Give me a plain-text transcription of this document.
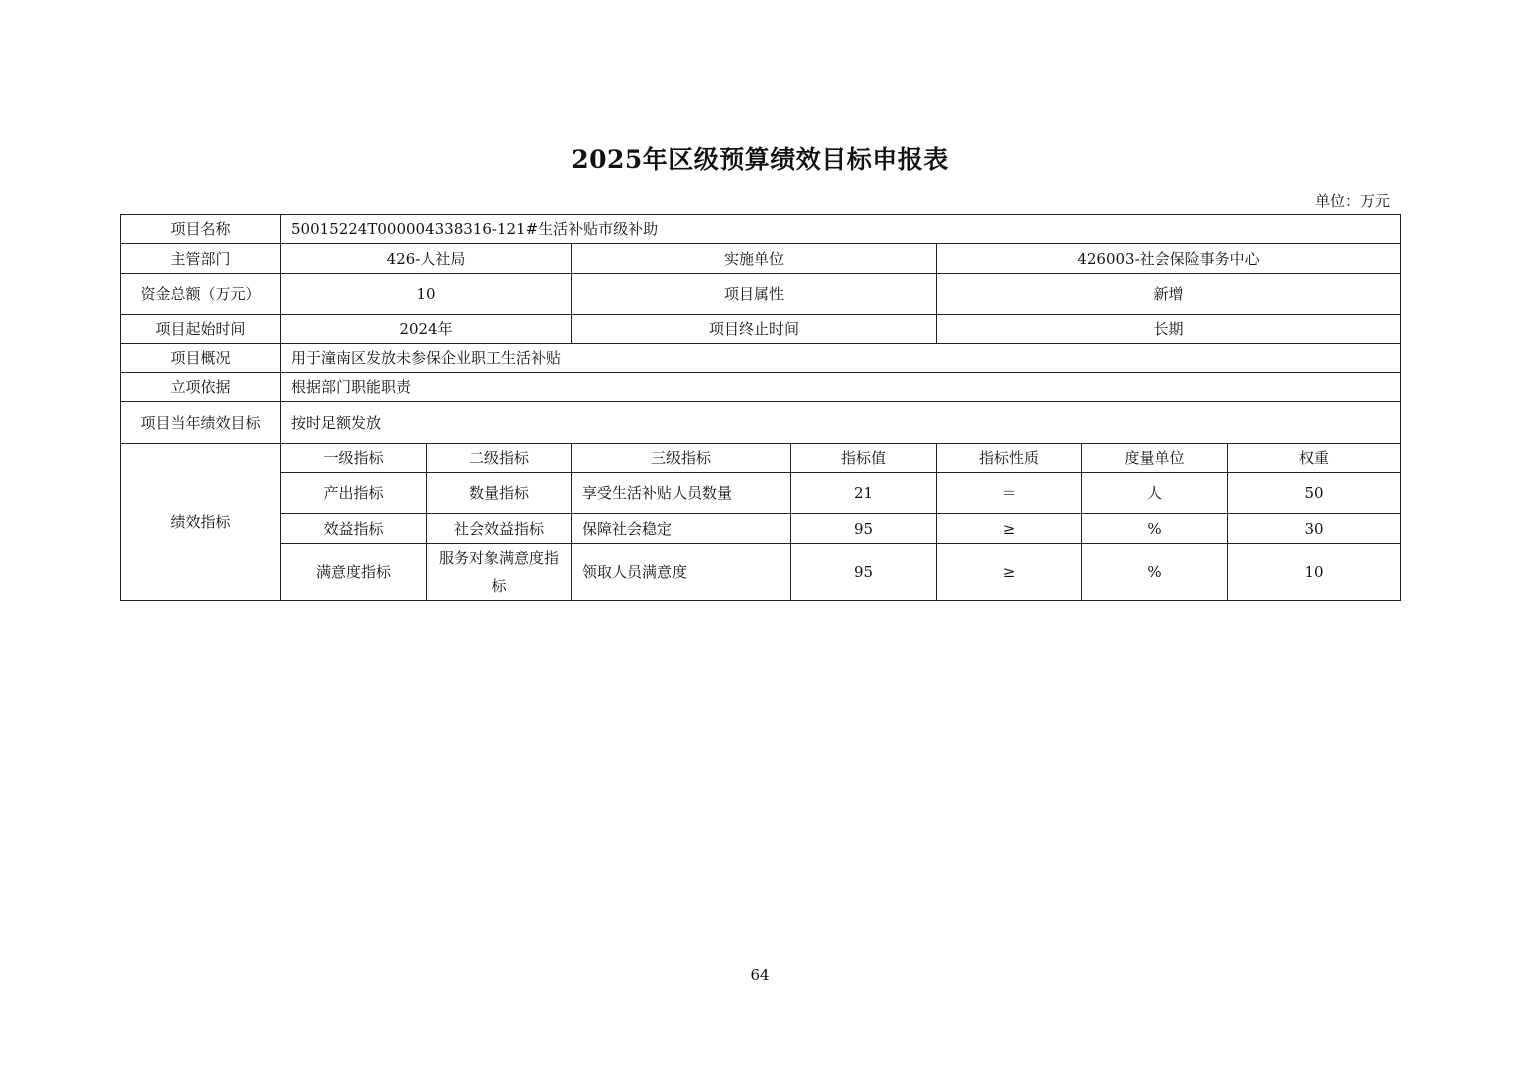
2025年区级预算绩效目标申报表
单位：万元
项目名称	50015224T000004338316-121#生活补贴市级补助						
主管部门	426-人社局		实施单位		426003-社会保险事务中心		
资金总额（万元）	10		项目属性		新增		
项目起始时间	2024年		项目终止时间		长期		
项目概况	用于潼南区发放未参保企业职工生活补贴						
立项依据	根据部门职能职责						
项目当年绩效目标	按时足额发放						
绩效指标	一级指标	二级指标	三级指标	指标值	指标性质	度量单位	权重
	产出指标	数量指标	享受生活补贴人员数量	21	＝	人	50
	效益指标	社会效益指标	保障社会稳定	95	≥	%	30
	满意度指标	服务对象满意度指标	领取人员满意度	95	≥	%	10
64
